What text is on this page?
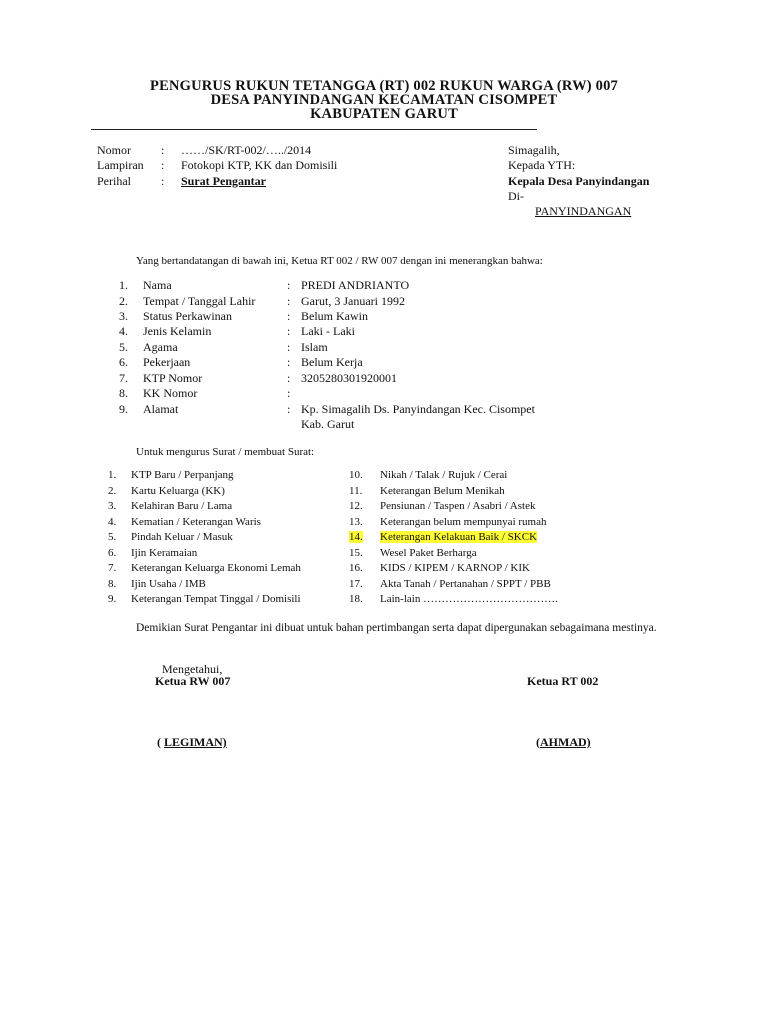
PENGURUS RUKUN TETANGGA (RT) 002 RUKUN WARGA (RW) 007
DESA PANYINDANGAN KECAMATAN CISOMPET
KABUPATEN GARUT
Nomor	: ……/SK/RT-002/…../2014
Lampiran : Fotokopi KTP, KK dan Domisili
Perihal	: Surat Pengantar
Simagalih,
Kepada YTH:
Kepala Desa Panyindangan
Di-
PANYINDANGAN
Yang bertandatangan di bawah ini, Ketua RT 002 / RW 007 dengan ini menerangkan bahwa:
1. Nama	: PREDI ANDRIANTO
2. Tempat / Tanggal Lahir	: Garut, 3 Januari 1992
3. Status Perkawinan	: Belum Kawin
4. Jenis Kelamin	: Laki - Laki
5. Agama	: Islam
6. Pekerjaan	: Belum Kerja
7. KTP Nomor	: 3205280301920001
8. KK Nomor	:
9. Alamat	: Kp. Simagalih Ds. Panyindangan Kec. Cisompet
Kab. Garut
Untuk mengurus Surat / membuat Surat:
1. KTP Baru / Perpanjang
2. Kartu Keluarga (KK)
3. Kelahiran Baru / Lama
4. Kematian / Keterangan Waris
5. Pindah Keluar / Masuk
6. Ijin Keramaian
7. Keterangan Keluarga Ekonomi Lemah
8. Ijin Usaha / IMB
9. Keterangan Tempat Tinggal / Domisili
10. Nikah / Talak / Rujuk / Cerai
11. Keterangan Belum Menikah
12. Pensiunan / Taspen / Asabri / Astek
13. Keterangan belum mempunyai rumah
14. Keterangan Kelakuan Baik / SKCK
15. Wesel Paket Berharga
16. KIDS / KIPEM / KARNOP / KIK
17. Akta Tanah / Pertanahan / SPPT / PBB
18. Lain-lain ……………………………….
Demikian Surat Pengantar ini dibuat untuk bahan pertimbangan serta dapat dipergunakan sebagaimana mestinya.
Mengetahui,
Ketua RW 007	Ketua RT 002
( LEGIMAN)	(AHMAD)
